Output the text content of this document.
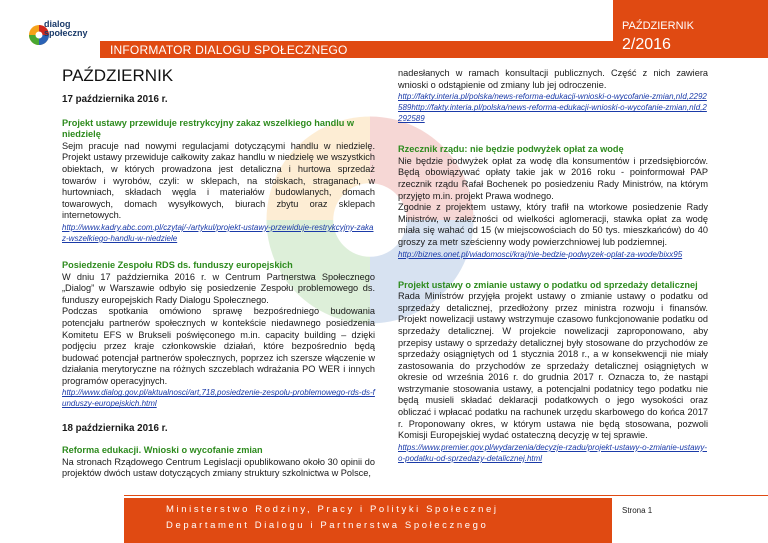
dialog
społeczny
INFORMATOR DIALOGU SPOŁECZNEGO
PAŹDZIERNIK
2/2016
PAŹDZIERNIK
17 października 2016 r.
Projekt ustawy przewiduje restrykcyjny zakaz wszelkiego handlu w niedzielę
Sejm pracuje nad nowymi regulacjami dotyczącymi handlu w niedzielę. Projekt ustawy przewiduje całkowity zakaz handlu w niedzielę we wszystkich obiektach, w których prowadzona jest detaliczna i hurtowa sprzedaż towarów i wyrobów, czyli: w sklepach, na stoiskach, straganach, w hurtowniach, składach węgla i materiałów budowlanych, domach towarowych, domach wysyłkowych, biurach zbytu oraz sklepach internetowych.
http://www.kadry.abc.com.pl/czytaj/-/artykul/projekt-ustawy-przewiduje-restrykcyjny-zakaz-wszelkiego-handlu-w-niedziele
Posiedzenie Zespołu RDS ds. funduszy europejskich
W dniu 17 października 2016 r. w Centrum Partnerstwa Społecznego „Dialog” w Warszawie odbyło się posiedzenie Zespołu problemowego ds. funduszy europejskich Rady Dialogu Społecznego.
Podczas spotkania omówiono sprawę bezpośredniego budowania potencjału partnerów społecznych w kontekście niedawnego posiedzenia Komitetu EFS w Brukseli poświęconego m.in. capacity building – dzięki podjęciu przez kraje członkowskie działań, które bezpośrednio będą budować potencjał partnerów społecznych, poprzez ich szersze włączenie w działania merytoryczne na różnych szczeblach wdrażania PO WER i innych programów operacyjnych.
http://www.dialog.gov.pl/aktualnosci/art,718,posiedzenie-zespolu-problemowego-rds-ds-funduszy-europejskich.html
18 października 2016 r.
Reforma edukacji. Wnioski o wycofanie zmian
Na stronach Rządowego Centrum Legislacji opublikowano około 30 opinii do projektów dwóch ustaw dotyczących zmiany struktury szkolnictwa w Polsce,
nadesłanych w ramach konsultacji publicznych. Część z nich zawiera wnioski o odstąpienie od zmiany lub jej odroczenie.
http://fakty.interia.pl/polska/news-reforma-edukacji-wnioski-o-wycofanie-zmian,nId,2292589http://fakty.interia.pl/polska/news-reforma-edukacji-wnioski-o-wycofanie-zmian,nId,2292589
Rzecznik rządu: nie będzie podwyżek opłat za wodę
Nie będzie podwyżek opłat za wodę dla konsumentów i przedsiębiorców. Będą obowiązywać opłaty takie jak w 2016 roku - poinformował PAP rzecznik rządu Rafał Bochenek po posiedzeniu Rady Ministrów, na którym przyjęto m.in. projekt Prawa wodnego.
Zgodnie z projektem ustawy, który trafił na wtorkowe posiedzenie Rady Ministrów, w zależności od wielkości aglomeracji, stawka opłat za wodę miała się wahać od 15 (w miejscowościach do 50 tys. mieszkańców) do 40 groszy za metr sześcienny wody powierzchniowej lub podziemnej.
http://biznes.onet.pl/wiadomosci/kraj/nie-bedzie-podwyzek-oplat-za-wode/bixx95
Projekt ustawy o zmianie ustawy o podatku od sprzedaży detalicznej
Rada Ministrów przyjęła projekt ustawy o zmianie ustawy o podatku od sprzedaży detalicznej, przedłożony przez ministra rozwoju i finansów. Projekt nowelizacji ustawy wstrzymuje czasowo funkcjonowanie podatku od sprzedaży detalicznej. W projekcie nowelizacji zaproponowano, aby przepisy ustawy o sprzedaży detalicznej były stosowane do przychodów ze sprzedaży osiągniętych od 1 stycznia 2018 r., a w konsekwencji nie miały zastosowania do przychodów ze sprzedaży detalicznej osiągniętych w okresie od września 2016 r. do grudnia 2017 r. Oznacza to, że nastąpi wstrzymanie stosowania ustawy, a potencjalni podatnicy tego podatku nie będą musieli składać deklaracji podatkowych o jego wysokości oraz obliczać i wpłacać podatku na rachunek urzędu skarbowego do końca 2017 r. Proponowany okres, w którym ustawa nie będą stosowana, pozwoli Komisji Europejskiej wydać ostateczną decyzję w tej sprawie.
https://www.premier.gov.pl/wydarzenia/decyzje-rzadu/projekt-ustawy-o-zmianie-ustawy-o-podatku-od-sprzedazy-detalicznej.html
Ministerstwo Rodziny, Pracy i Polityki Społecznej
Departament Dialogu i Partnerstwa Społecznego
Strona 1
